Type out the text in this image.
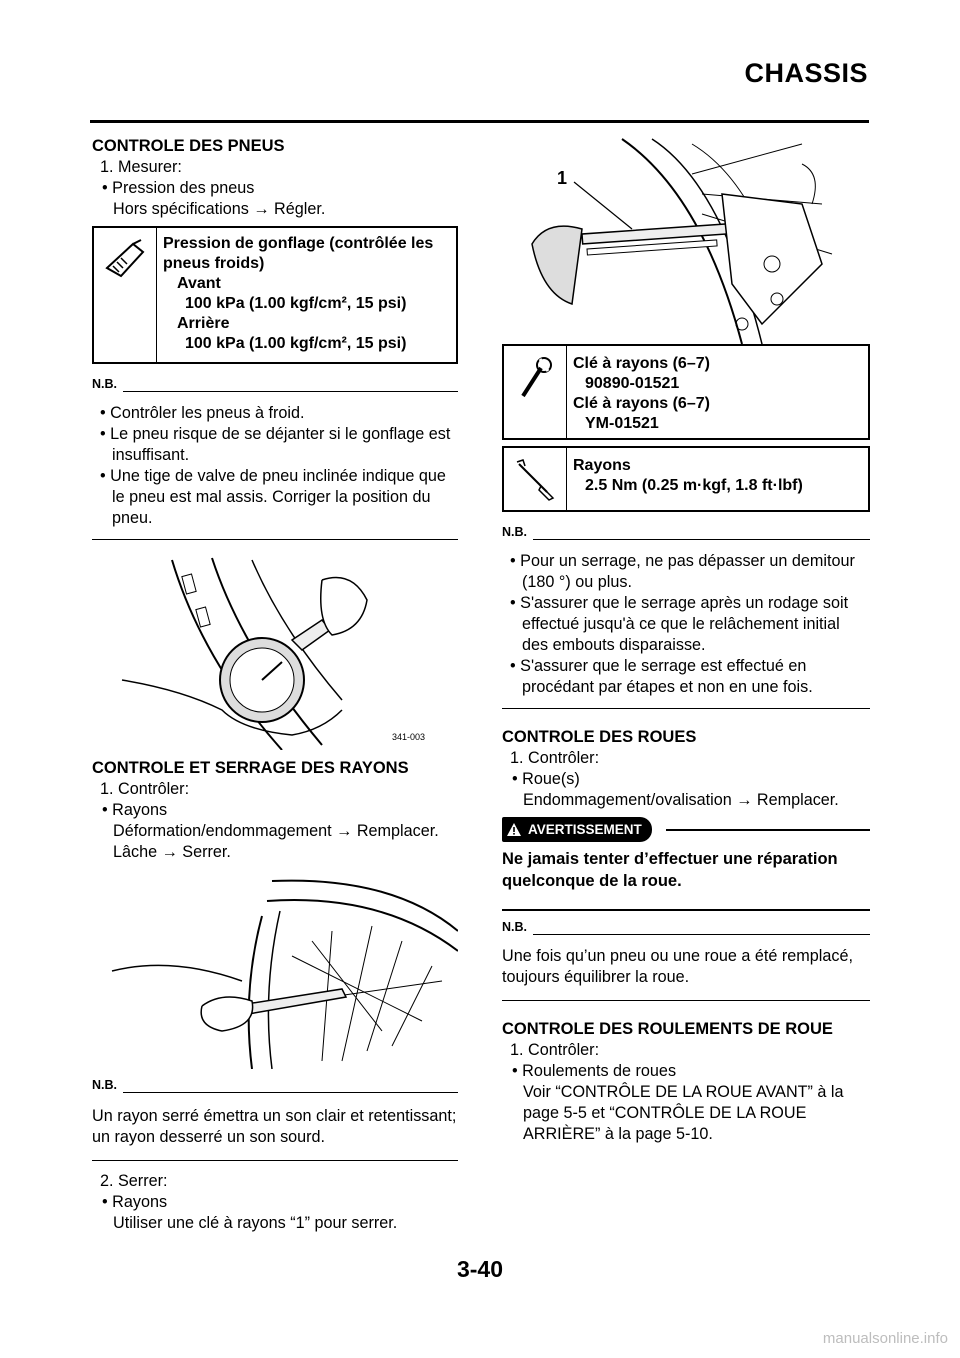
CHASSIS

CONTROLE DES PNEUS

1. Mesurer:

• Pression des pneus

Hors spécifications → Régler.

Pression de gonflage (contrôlée les
pneus froids)
Avant
100 kPa (1.00 kgf/cm², 15 psi)
Arrière
100 kPa (1.00 kgf/cm², 15 psi)
N.B.

• Contrôler les pneus à froid.

• Le pneu risque de se déjanter si le gonflage est insuffisant.

• Une tige de valve de pneu inclinée indique que le pneu est mal assis. Corriger la position du pneu.

341-003

CONTROLE ET SERRAGE DES RAYONS

1. Contrôler:

• Rayons

Déformation/endommagement → Remplacer.

Lâche → Serrer.

N.B.

Un rayon serré émettra un son clair et retentissant; un rayon desserré un son sourd.

2. Serrer:

• Rayons

Utiliser une clé à rayons “1” pour serrer.

1
Clé à rayons (6–7)
90890-01521
Clé à rayons (6–7)
YM-01521
Rayons
2.5 Nm (0.25 m·kgf, 1.8 ft·lbf)
N.B.

• Pour un serrage, ne pas dépasser un demitour (180 °) ou plus.

• S'assurer que le serrage après un rodage soit effectué jusqu'à ce que le relâchement initial des embouts disparaisse.

• S'assurer que le serrage est effectué en procédant par étapes et non en une fois.

CONTROLE DES ROUES

1. Contrôler:

• Roue(s)

Endommagement/ovalisation → Remplacer.

AVERTISSEMENT

Ne jamais tenter d’effectuer une réparation quelconque de la roue.

N.B.

Une fois qu’un pneu ou une roue a été remplacé, toujours équilibrer la roue.

CONTROLE DES ROULEMENTS DE ROUE

1. Contrôler:

• Roulements de roues

Voir “CONTRÔLE DE LA ROUE AVANT” à la page 5-5 et “CONTRÔLE DE LA ROUE ARRIÈRE” à la page 5-10.

3-40
manualsonline.info
